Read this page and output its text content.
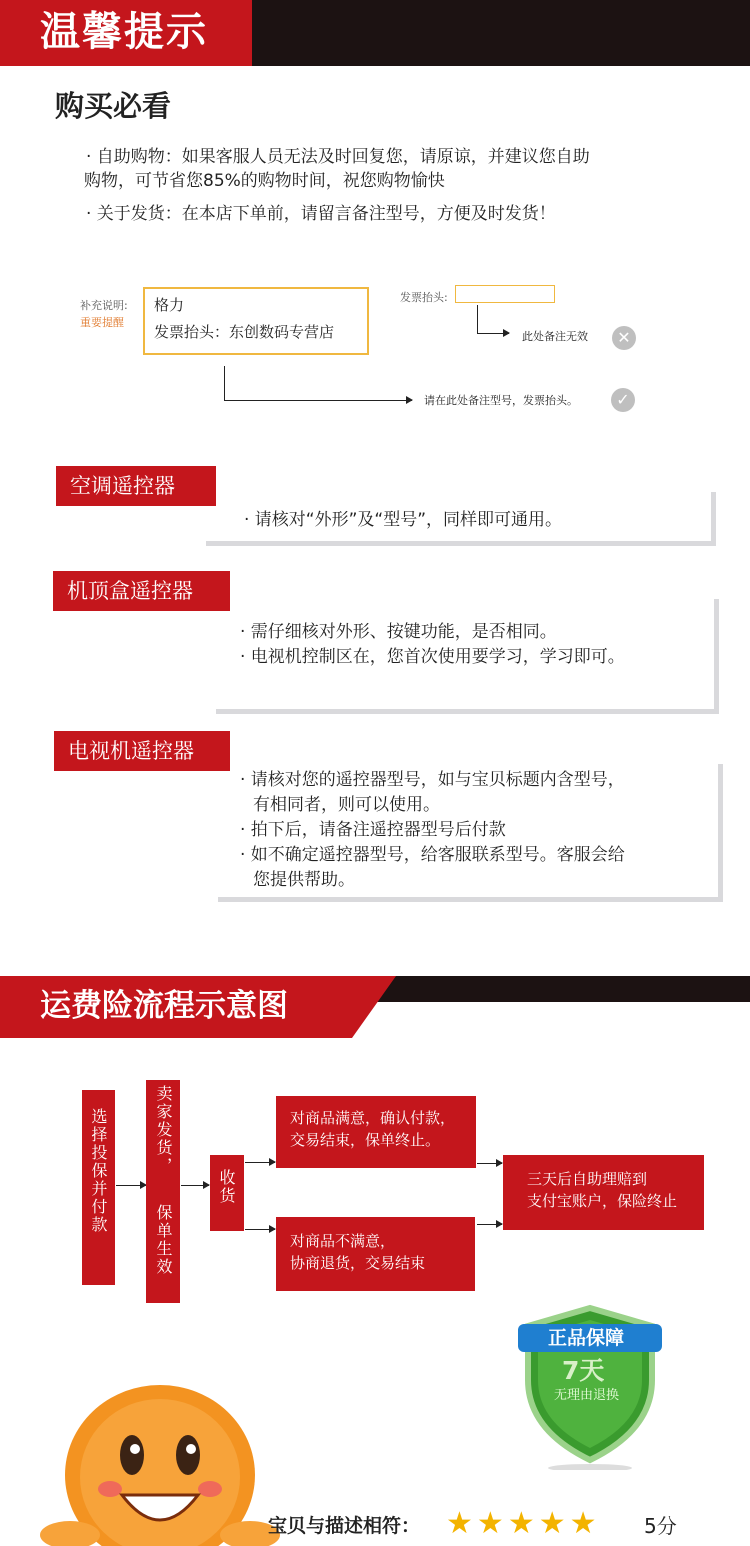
温馨提示
购买必看
· 自助购物：如果客服人员无法及时回复您，请原谅，并建议您自助
购物，可节省您85%的购物时间，祝您购物愉快
· 关于发货：在本店下单前，请留言备注型号，方便及时发货！
补充说明:
重要提醒
格力
发票抬头：东创数码专营店
发票抬头:
此处备注无效	✕
请在此处备注型号，发票抬头。	✓
空调遥控器
· 请核对“外形”及“型号”，同样即可通用。
机顶盒遥控器
· 需仔细核对外形、按键功能，是否相同。
· 电视机控制区在，您首次使用要学习，学习即可。
电视机遥控器
· 请核对您的遥控器型号，如与宝贝标题内含型号，
有相同者，则可以使用。
· 拍下后，请备注遥控器型号后付款
· 如不确定遥控器型号，给客服联系型号。客服会给
您提供帮助。
运费险流程示意图
选择投保并付款	卖家发货，
保单生效
收货
对商品满意，确认付款，
交易结束，保单终止。
对商品不满意，
协商退货，交易结束
三天后自助理赔到
支付宝账户，保险终止
正品保障
7天
无理由退换
宝贝与描述相符： ★ ★ ★ ★ ★ 5分
